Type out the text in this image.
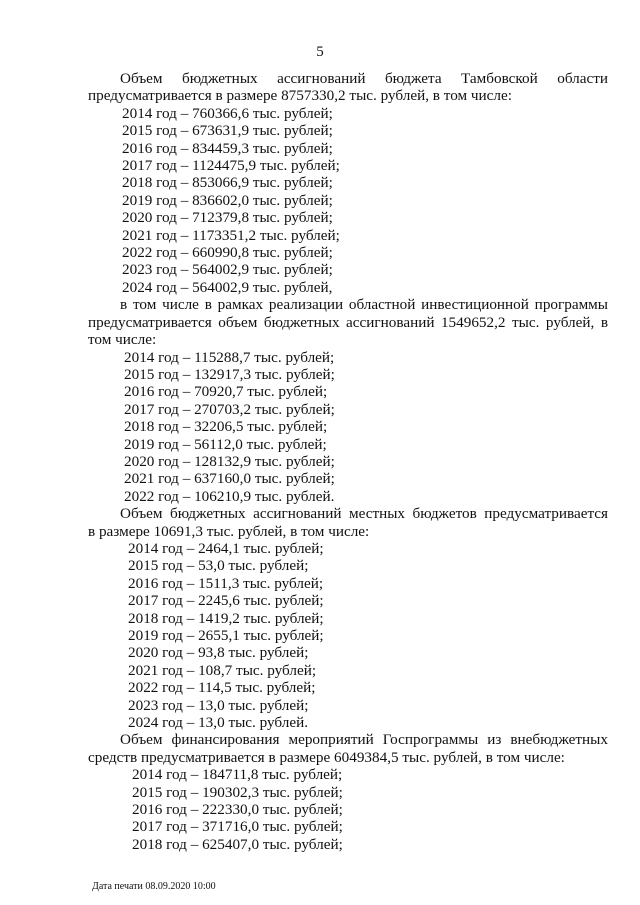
5

Объем бюджетных ассигнований бюджета Тамбовской области

предусматривается в размере 8757330,2 тыс. рублей, в том числе:

2014 год – 760366,6 тыс. рублей;

2015 год – 673631,9 тыс. рублей;

2016 год – 834459,3 тыс. рублей;

2017 год – 1124475,9 тыс. рублей;

2018 год – 853066,9 тыс. рублей;

2019 год – 836602,0 тыс. рублей;

2020 год – 712379,8 тыс. рублей;

2021 год – 1173351,2 тыс. рублей;

2022 год – 660990,8 тыс. рублей;

2023 год – 564002,9 тыс. рублей;

2024 год – 564002,9 тыс. рублей,

в том числе в рамках реализации областной инвестиционной программы

предусматривается объем бюджетных ассигнований 1549652,2 тыс. рублей, в

том числе:

2014 год – 115288,7 тыс. рублей;

2015 год – 132917,3 тыс. рублей;

2016 год – 70920,7 тыс. рублей;

2017 год – 270703,2 тыс. рублей;

2018 год – 32206,5 тыс. рублей;

2019 год – 56112,0 тыс. рублей;

2020 год – 128132,9 тыс. рублей;

2021 год – 637160,0 тыс. рублей;

2022 год – 106210,9 тыс. рублей.

Объем бюджетных ассигнований местных бюджетов предусматривается

в размере 10691,3 тыс. рублей, в том числе:

2014 год – 2464,1 тыс. рублей;

2015 год – 53,0 тыс. рублей;

2016 год – 1511,3 тыс. рублей;

2017 год – 2245,6 тыс. рублей;

2018 год – 1419,2 тыс. рублей;

2019 год – 2655,1 тыс. рублей;

2020 год – 93,8 тыс. рублей;

2021 год – 108,7 тыс. рублей;

2022 год – 114,5 тыс. рублей;

2023 год – 13,0 тыс. рублей;

2024 год – 13,0 тыс. рублей.

Объем финансирования мероприятий Госпрограммы из внебюджетных

средств предусматривается в размере 6049384,5 тыс. рублей, в том числе:

2014 год – 184711,8 тыс. рублей;

2015 год – 190302,3 тыс. рублей;

2016 год – 222330,0 тыс. рублей;

2017 год – 371716,0 тыс. рублей;

2018 год – 625407,0 тыс. рублей;

Дата печати 08.09.2020 10:00
